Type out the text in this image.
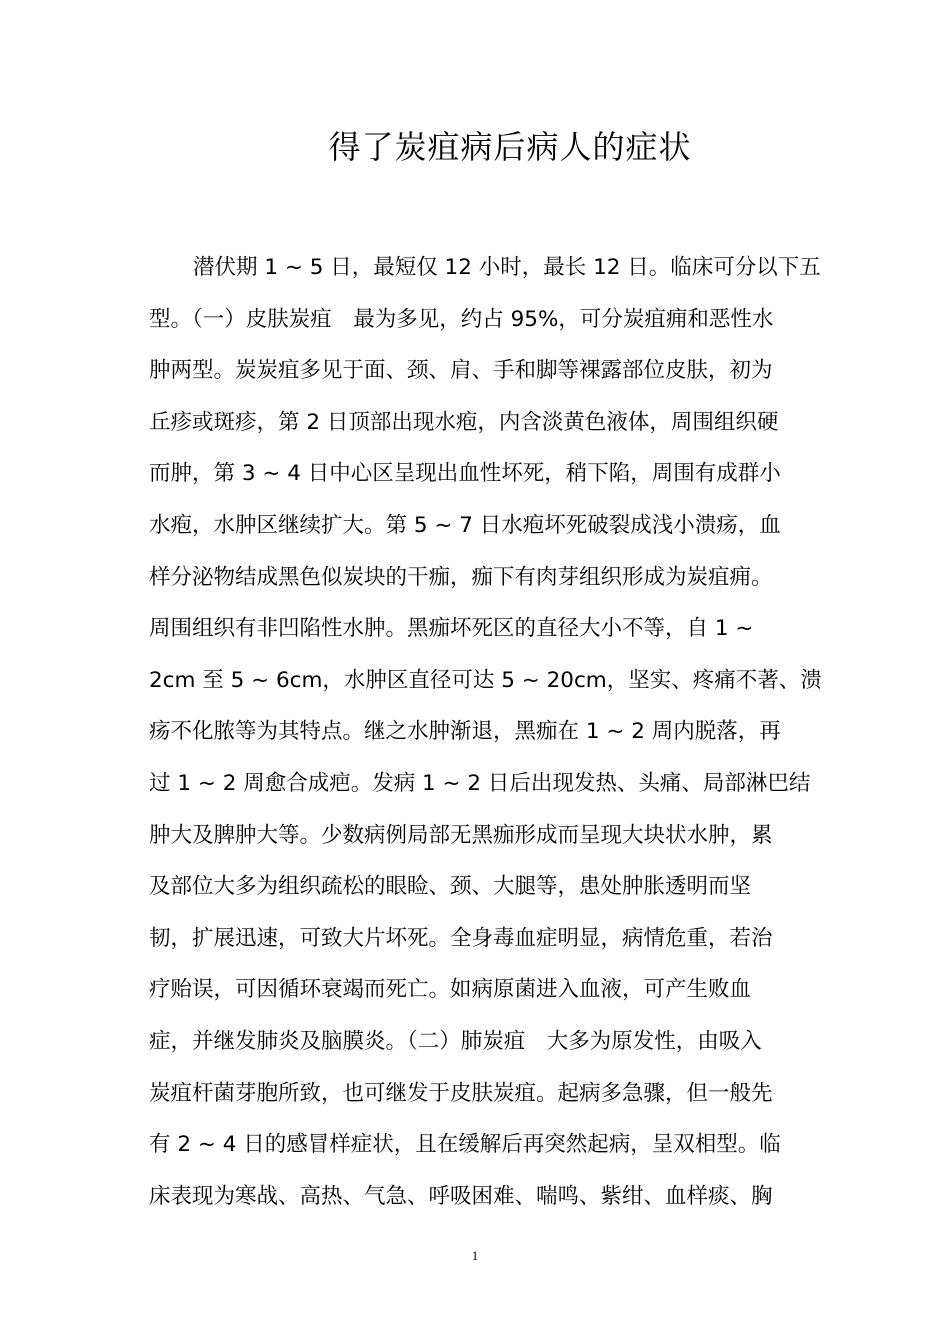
得了炭疽病后病人的症状
潜伏期 1 ~ 5 日，最短仅 12 小时，最长 12 日。临床可分以下五
型。（一）皮肤炭疽　最为多见，约占 95%，可分炭疽痈和恶性水
肿两型。炭炭疽多见于面、颈、肩、手和脚等裸露部位皮肤，初为
丘疹或斑疹，第 2 日顶部出现水疱，内含淡黄色液体，周围组织硬
而肿，第 3 ~ 4 日中心区呈现出血性坏死，稍下陷，周围有成群小
水疱，水肿区继续扩大。第 5 ~ 7 日水疱坏死破裂成浅小溃疡，血
样分泌物结成黑色似炭块的干痂，痂下有肉芽组织形成为炭疽痈。
周围组织有非凹陷性水肿。黑痂坏死区的直径大小不等，自 1 ~
2cm 至 5 ~ 6cm，水肿区直径可达 5 ~ 20cm，坚实、疼痛不著、溃
疡不化脓等为其特点。继之水肿渐退，黑痂在 1 ~ 2 周内脱落，再
过 1 ~ 2 周愈合成疤。发病 1 ~ 2 日后出现发热、头痛、局部淋巴结
肿大及脾肿大等。少数病例局部无黑痂形成而呈现大块状水肿，累
及部位大多为组织疏松的眼睑、颈、大腿等，患处肿胀透明而坚
韧，扩展迅速，可致大片坏死。全身毒血症明显，病情危重，若治
疗贻误，可因循环衰竭而死亡。如病原菌进入血液，可产生败血
症，并继发肺炎及脑膜炎。（二）肺炭疽　大多为原发性，由吸入
炭疽杆菌芽胞所致，也可继发于皮肤炭疽。起病多急骤，但一般先
有 2 ~ 4 日的感冒样症状，且在缓解后再突然起病，呈双相型。临
床表现为寒战、高热、气急、呼吸困难、喘鸣、紫绀、血样痰、胸
1
